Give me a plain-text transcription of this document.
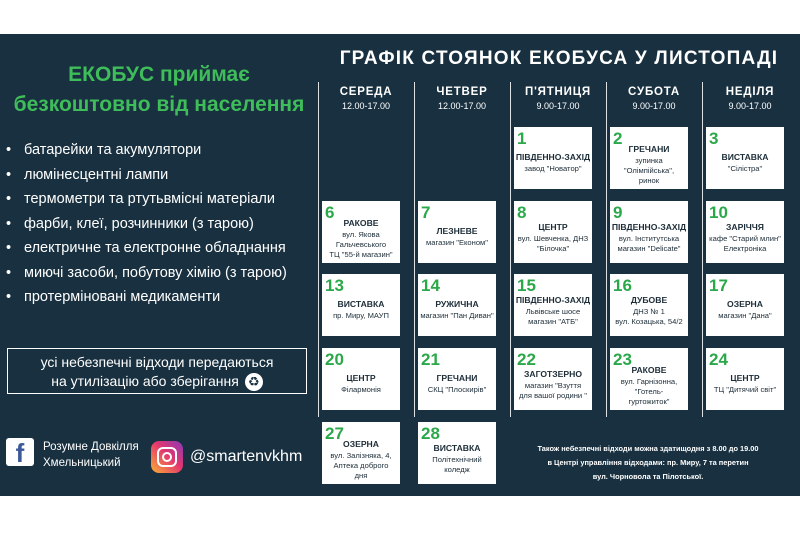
ЕКОБУС приймає
безкоштовно від населення
• батарейки та акумулятори
• люмінесцентні лампи
• термометри та ртутьвмісні матеріали
• фарби, клеї, розчинники (з тарою)
• електричне та електронне обладнання
• миючі засоби, побутову хімію (з тарою)
• протерміновані медикаменти
усі небезпечні відходи передаються
на утилізацію або зберігання ♻
f	Розумне Довкілля
Хмельницький	@smartenvkhm
ГРАФІК СТОЯНОК ЕКОБУСА У ЛИСТОПАДІ
СЕРЕДА
12.00-17.00
ЧЕТВЕР
12.00-17.00
П'ЯТНИЦЯ
9.00-17.00
СУБОТА
9.00-17.00
НЕДІЛЯ
9.00-17.00
1
ПІВДЕННО-ЗАХІД
завод "Новатор"
2
ГРЕЧАНИ
зупинка
"Олімпійська",
ринок
3
ВИСТАВКА
"Сілістра"
6
РАКОВЕ
вул. Якова
Гальчевського
ТЦ "55-й магазин"
7
ЛЕЗНЕВЕ
магазин "Економ"
8
ЦЕНТР
вул. Шевченка, ДНЗ
"Білочка"
9
ПІВДЕННО-ЗАХІД
вул. Інститутська
магазин "Delicate"
10
ЗАРІЧЧЯ
кафе "Старий млин"
Електроніка
13
ВИСТАВКА
пр. Миру, МАУП
14
РУЖИЧНА
магазин "Пан Диван"
15
ПІВДЕННО-ЗАХІД
Львівське шосе
магазин "АТБ"
16
ДУБОВЕ
ДНЗ № 1
вул. Козацька, 54/2
17
ОЗЕРНА
магазин "Дана"
20
ЦЕНТР
Філармонія
21
ГРЕЧАНИ
СКЦ "Плоскирів"
22
ЗАГОТЗЕРНО
магазин "Взуття
для вашої родини "
23
РАКОВЕ
вул. Гарнізонна,
"Готель-
гуртожиток"
24
ЦЕНТР
ТЦ "Дитячий світ"
27
ОЗЕРНА
вул. Залізняка, 4,
Аптека доброго
дня
28
ВИСТАВКА
Політехнічний
коледж
Також небезпечні відходи можна здатищодня з 8.00 до 19.00
в Центрі управління відходами: пр. Миру, 7 та перетин
вул. Чорновола та Пілотської.
